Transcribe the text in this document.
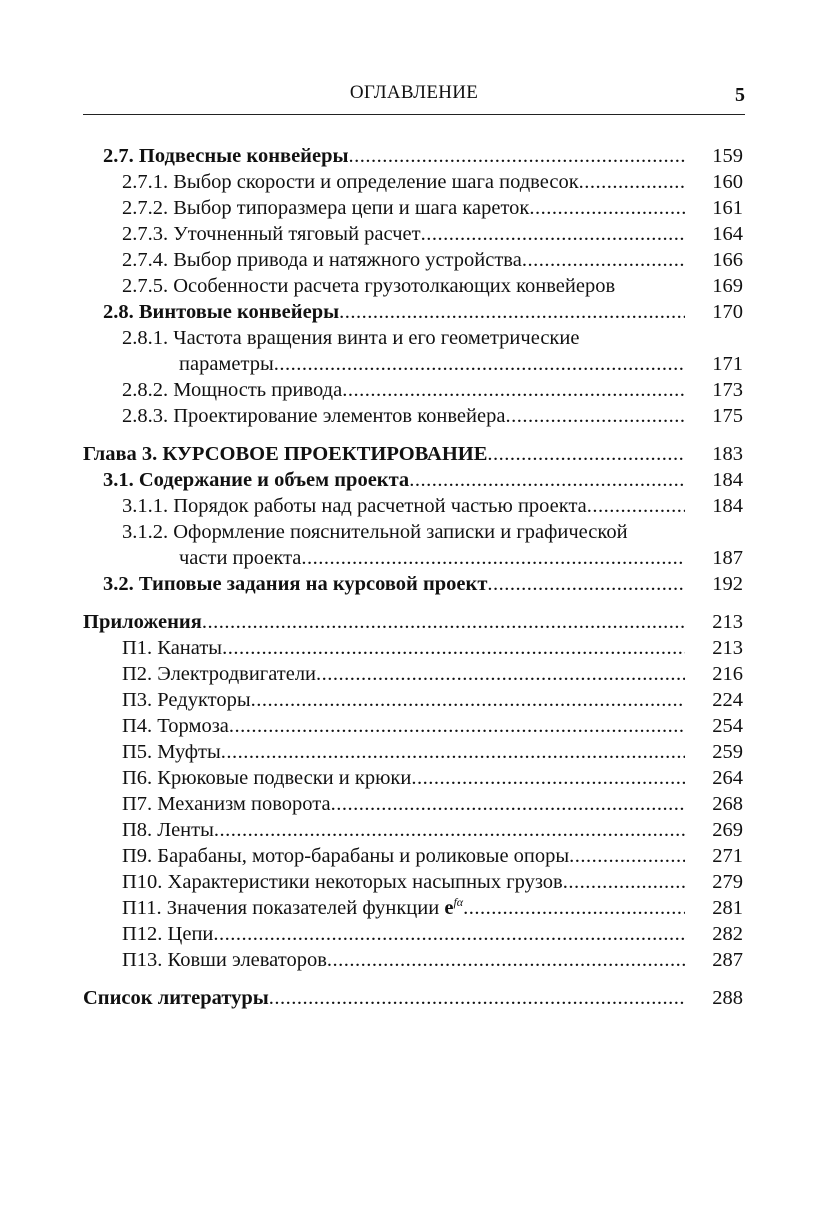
ОГЛАВЛЕНИЕ	5
2.7. Подвесные конвейеры .....	159
2.7.1. Выбор скорости и определение шага подвесок .....	160
2.7.2. Выбор типоразмера цепи и шага кареток .....	161
2.7.3. Уточненный тяговый расчет .....	164
2.7.4. Выбор привода и натяжного устройства .....	166
2.7.5. Особенности расчета грузотолкающих конвейеров	169
2.8. Винтовые конвейеры .....	170
2.8.1. Частота вращения винта и его геометрические
параметры .....	171
2.8.2. Мощность привода .....	173
2.8.3. Проектирование элементов конвейера .....	175
Глава 3. КУРСОВОЕ ПРОЕКТИРОВАНИЕ .....	183
3.1. Содержание и объем проекта .....	184
3.1.1. Порядок работы над расчетной частью проекта .....	184
3.1.2. Оформление пояснительной записки и графической
части проекта .....	187
3.2. Типовые задания на курсовой проект .....	192
Приложения .....	213
П1. Канаты .....	213
П2. Электродвигатели .....	216
П3. Редукторы .....	224
П4. Тормоза .....	254
П5. Муфты .....	259
П6. Крюковые подвески и крюки .....	264
П7. Механизм поворота .....	268
П8. Ленты .....	269
П9. Барабаны, мотор-барабаны и роликовые опоры .....	271
П10. Характеристики некоторых насыпных грузов .....	279
П11. Значения показателей функции $e^{f\alpha}$ .....	281
П12. Цепи .....	282
П13. Ковши элеваторов .....	287
Список литературы .....	288
